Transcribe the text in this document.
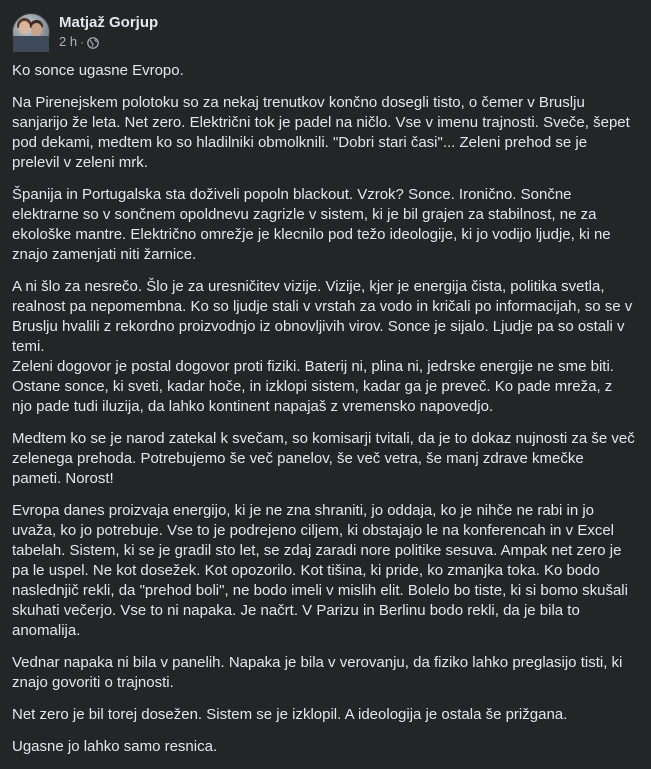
Matjaž Gorjup
2 h ·

Ko sonce ugasne Evropo.

Na Pirenejskem polotoku so za nekaj trenutkov končno dosegli tisto, o čemer v Bruslju sanjarijo že leta. Net zero. Električni tok je padel na ničlo. Vse v imenu trajnosti. Sveče, šepet pod dekami, medtem ko so hladilniki obmolknili. "Dobri stari časi"... Zeleni prehod se je prelevil v zeleni mrk.

Španija in Portugalska sta doživeli popoln blackout. Vzrok? Sonce. Ironično. Sončne elektrarne so v sončnem opoldnevu zagrizle v sistem, ki je bil grajen za stabilnost, ne za ekološke mantre. Električno omrežje je klecnilo pod težo ideologije, ki jo vodijo ljudje, ki ne znajo zamenjati niti žarnice.

A ni šlo za nesrečo. Šlo je za uresničitev vizije. Vizije, kjer je energija čista, politika svetla, realnost pa nepomembna. Ko so ljudje stali v vrstah za vodo in kričali po informacijah, so se v Bruslju hvalili z rekordno proizvodnjo iz obnovljivih virov. Sonce je sijalo. Ljudje pa so ostali v temi.
Zeleni dogovor je postal dogovor proti fiziki. Baterij ni, plina ni, jedrske energije ne sme biti. Ostane sonce, ki sveti, kadar hoče, in izklopi sistem, kadar ga je preveč. Ko pade mreža, z njo pade tudi iluzija, da lahko kontinent napajaš z vremensko napovedjo.

Medtem ko se je narod zatekal k svečam, so komisarji tvitali, da je to dokaz nujnosti za še več zelenega prehoda. Potrebujemo še več panelov, še več vetra, še manj zdrave kmečke pameti. Norost!

Evropa danes proizvaja energijo, ki je ne zna shraniti, jo oddaja, ko je nihče ne rabi in jo uvaža, ko jo potrebuje. Vse to je podrejeno ciljem, ki obstajajo le na konferencah in v Excel tabelah. Sistem, ki se je gradil sto let, se zdaj zaradi nore politike sesuva. Ampak net zero je pa le uspel. Ne kot dosežek. Kot opozorilo. Kot tišina, ki pride, ko zmanjka toka. Ko bodo naslednjič rekli, da "prehod boli", ne bodo imeli v mislih elit. Bolelo bo tiste, ki si bomo skušali skuhati večerjo. Vse to ni napaka. Je načrt. V Parizu in Berlinu bodo rekli, da je bila to anomalija.

Vednar napaka ni bila v panelih. Napaka je bila v verovanju, da fiziko lahko preglasijo tisti, ki znajo govoriti o trajnosti.

Net zero je bil torej dosežen. Sistem se je izklopil. A ideologija je ostala še prižgana.

Ugasne jo lahko samo resnica.
